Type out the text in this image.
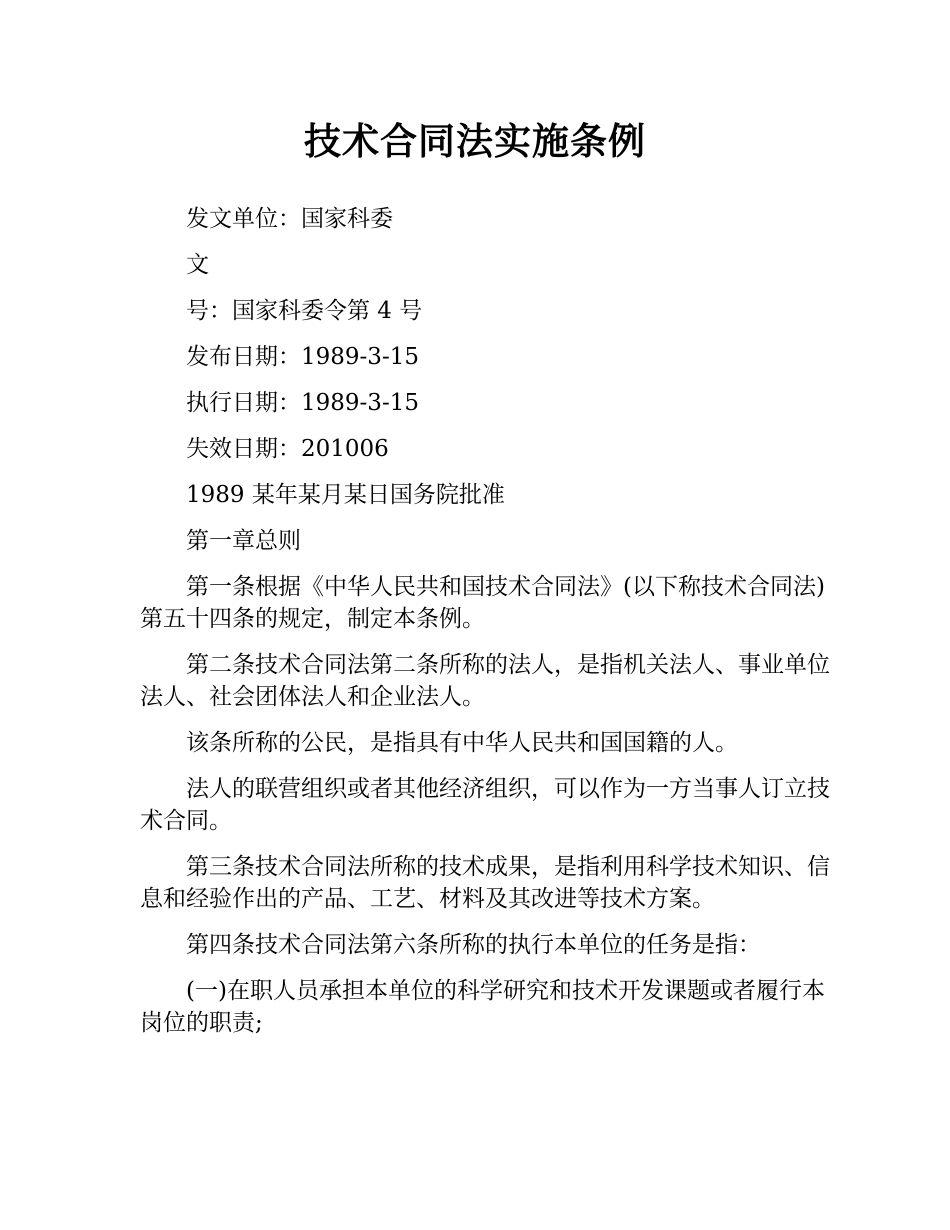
技术合同法实施条例

发文单位：国家科委

文

号：国家科委令第 4 号

发布日期：1989-3-15

执行日期：1989-3-15

失效日期：201006

1989 某年某月某日国务院批准

第一章总则

第一条根据《中华人民共和国技术合同法》(以下称技术合同法)第五十四条的规定，制定本条例。

第二条技术合同法第二条所称的法人，是指机关法人、事业单位法人、社会团体法人和企业法人。

该条所称的公民，是指具有中华人民共和国国籍的人。

法人的联营组织或者其他经济组织，可以作为一方当事人订立技术合同。

第三条技术合同法所称的技术成果，是指利用科学技术知识、信息和经验作出的产品、工艺、材料及其改进等技术方案。

第四条技术合同法第六条所称的执行本单位的任务是指：

(一)在职人员承担本单位的科学研究和技术开发课题或者履行本岗位的职责;
